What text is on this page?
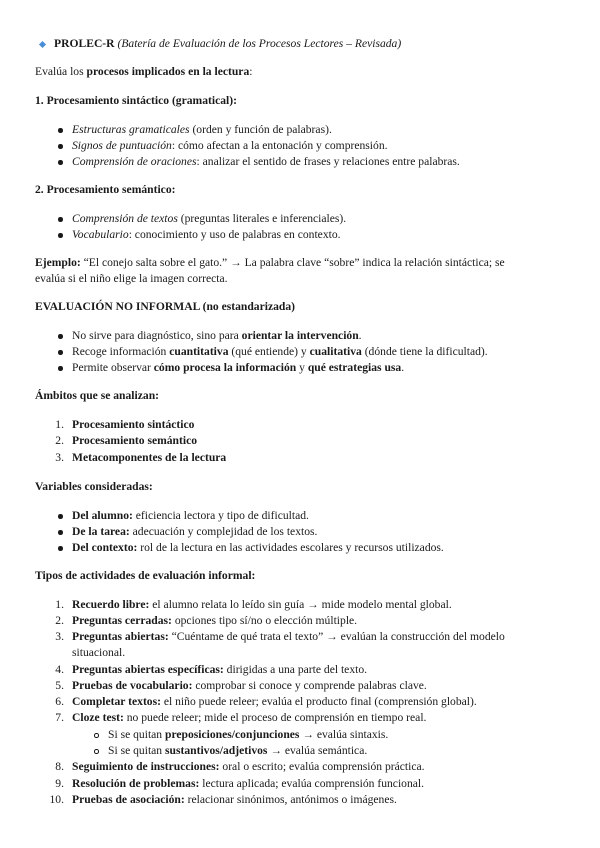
PROLEC-R (Batería de Evaluación de los Procesos Lectores – Revisada)
Evalúa los procesos implicados en la lectura:
1. Procesamiento sintáctico (gramatical):
Estructuras gramaticales (orden y función de palabras).
Signos de puntuación: cómo afectan a la entonación y comprensión.
Comprensión de oraciones: analizar el sentido de frases y relaciones entre palabras.
2. Procesamiento semántico:
Comprensión de textos (preguntas literales e inferenciales).
Vocabulario: conocimiento y uso de palabras en contexto.
Ejemplo: “El conejo salta sobre el gato.” → La palabra clave “sobre” indica la relación sintáctica; se
evalúa si el niño elige la imagen correcta.
EVALUACIÓN NO INFORMAL (no estandarizada)
No sirve para diagnóstico, sino para orientar la intervención.
Recoge información cuantitativa (qué entiende) y cualitativa (dónde tiene la dificultad).
Permite observar cómo procesa la información y qué estrategias usa.
Ámbitos que se analizan:
1. Procesamiento sintáctico
2. Procesamiento semántico
3. Metacomponentes de la lectura
Variables consideradas:
Del alumno: eficiencia lectora y tipo de dificultad.
De la tarea: adecuación y complejidad de los textos.
Del contexto: rol de la lectura en las actividades escolares y recursos utilizados.
Tipos de actividades de evaluación informal:
1. Recuerdo libre: el alumno relata lo leído sin guía → mide modelo mental global.
2. Preguntas cerradas: opciones tipo sí/no o elección múltiple.
3. Preguntas abiertas: “Cuéntame de qué trata el texto” → evalúan la construcción del modelo
situacional.
4. Preguntas abiertas específicas: dirigidas a una parte del texto.
5. Pruebas de vocabulario: comprobar si conoce y comprende palabras clave.
6. Completar textos: el niño puede releer; evalúa el producto final (comprensión global).
7. Cloze test: no puede releer; mide el proceso de comprensión en tiempo real.
Si se quitan preposiciones/conjunciones → evalúa sintaxis.
Si se quitan sustantivos/adjetivos → evalúa semántica.
8. Seguimiento de instrucciones: oral o escrito; evalúa comprensión práctica.
9. Resolución de problemas: lectura aplicada; evalúa comprensión funcional.
10. Pruebas de asociación: relacionar sinónimos, antónimos o imágenes.
